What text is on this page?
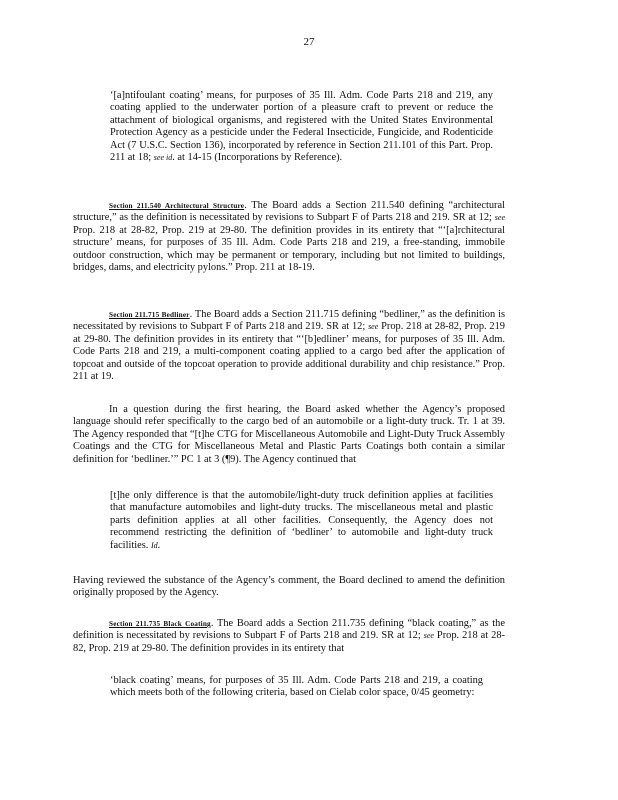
27

‘[a]ntifoulant coating’ means, for purposes of 35 Ill. Adm. Code Parts 218 and 219, any coating applied to the underwater portion of a pleasure craft to prevent or reduce the attachment of biological organisms, and registered with the United States Environmental Protection Agency as a pesticide under the Federal Insecticide, Fungicide, and Rodenticide Act (7 U.S.C. Section 136), incorporated by reference in Section 211.101 of this Part. Prop. 211 at 18; see id. at 14-15 (Incorporations by Reference).

Section 211.540 Architectural Structure. The Board adds a Section 211.540 defining “architectural structure,” as the definition is necessitated by revisions to Subpart F of Parts 218 and 219. SR at 12; see Prop. 218 at 28-82, Prop. 219 at 29-80. The definition provides in its entirety that “‘[a]rchitectural structure’ means, for purposes of 35 Ill. Adm. Code Parts 218 and 219, a free-standing, immobile outdoor construction, which may be permanent or temporary, including but not limited to buildings, bridges, dams, and electricity pylons.” Prop. 211 at 18-19.

Section 211.715 Bedliner. The Board adds a Section 211.715 defining “bedliner,” as the definition is necessitated by revisions to Subpart F of Parts 218 and 219. SR at 12; see Prop. 218 at 28-82, Prop. 219 at 29-80. The definition provides in its entirety that “‘[b]edliner’ means, for purposes of 35 Ill. Adm. Code Parts 218 and 219, a multi-component coating applied to a cargo bed after the application of topcoat and outside of the topcoat operation to provide additional durability and chip resistance.” Prop. 211 at 19.

In a question during the first hearing, the Board asked whether the Agency’s proposed language should refer specifically to the cargo bed of an automobile or a light-duty truck. Tr. 1 at 39. The Agency responded that “[t]he CTG for Miscellaneous Automobile and Light-Duty Truck Assembly Coatings and the CTG for Miscellaneous Metal and Plastic Parts Coatings both contain a similar definition for ‘bedliner.’” PC 1 at 3 (¶9). The Agency continued that

[t]he only difference is that the automobile/light-duty truck definition applies at facilities that manufacture automobiles and light-duty trucks. The miscellaneous metal and plastic parts definition applies at all other facilities. Consequently, the Agency does not recommend restricting the definition of ‘bedliner’ to automobile and light-duty truck facilities. Id.

Having reviewed the substance of the Agency’s comment, the Board declined to amend the definition originally proposed by the Agency.

Section 211.735 Black Coating. The Board adds a Section 211.735 defining “black coating,” as the definition is necessitated by revisions to Subpart F of Parts 218 and 219. SR at 12; see Prop. 218 at 28-82, Prop. 219 at 29-80. The definition provides in its entirety that

‘black coating’ means, for purposes of 35 Ill. Adm. Code Parts 218 and 219, a coating which meets both of the following criteria, based on Cielab color space, 0/45 geometry:
